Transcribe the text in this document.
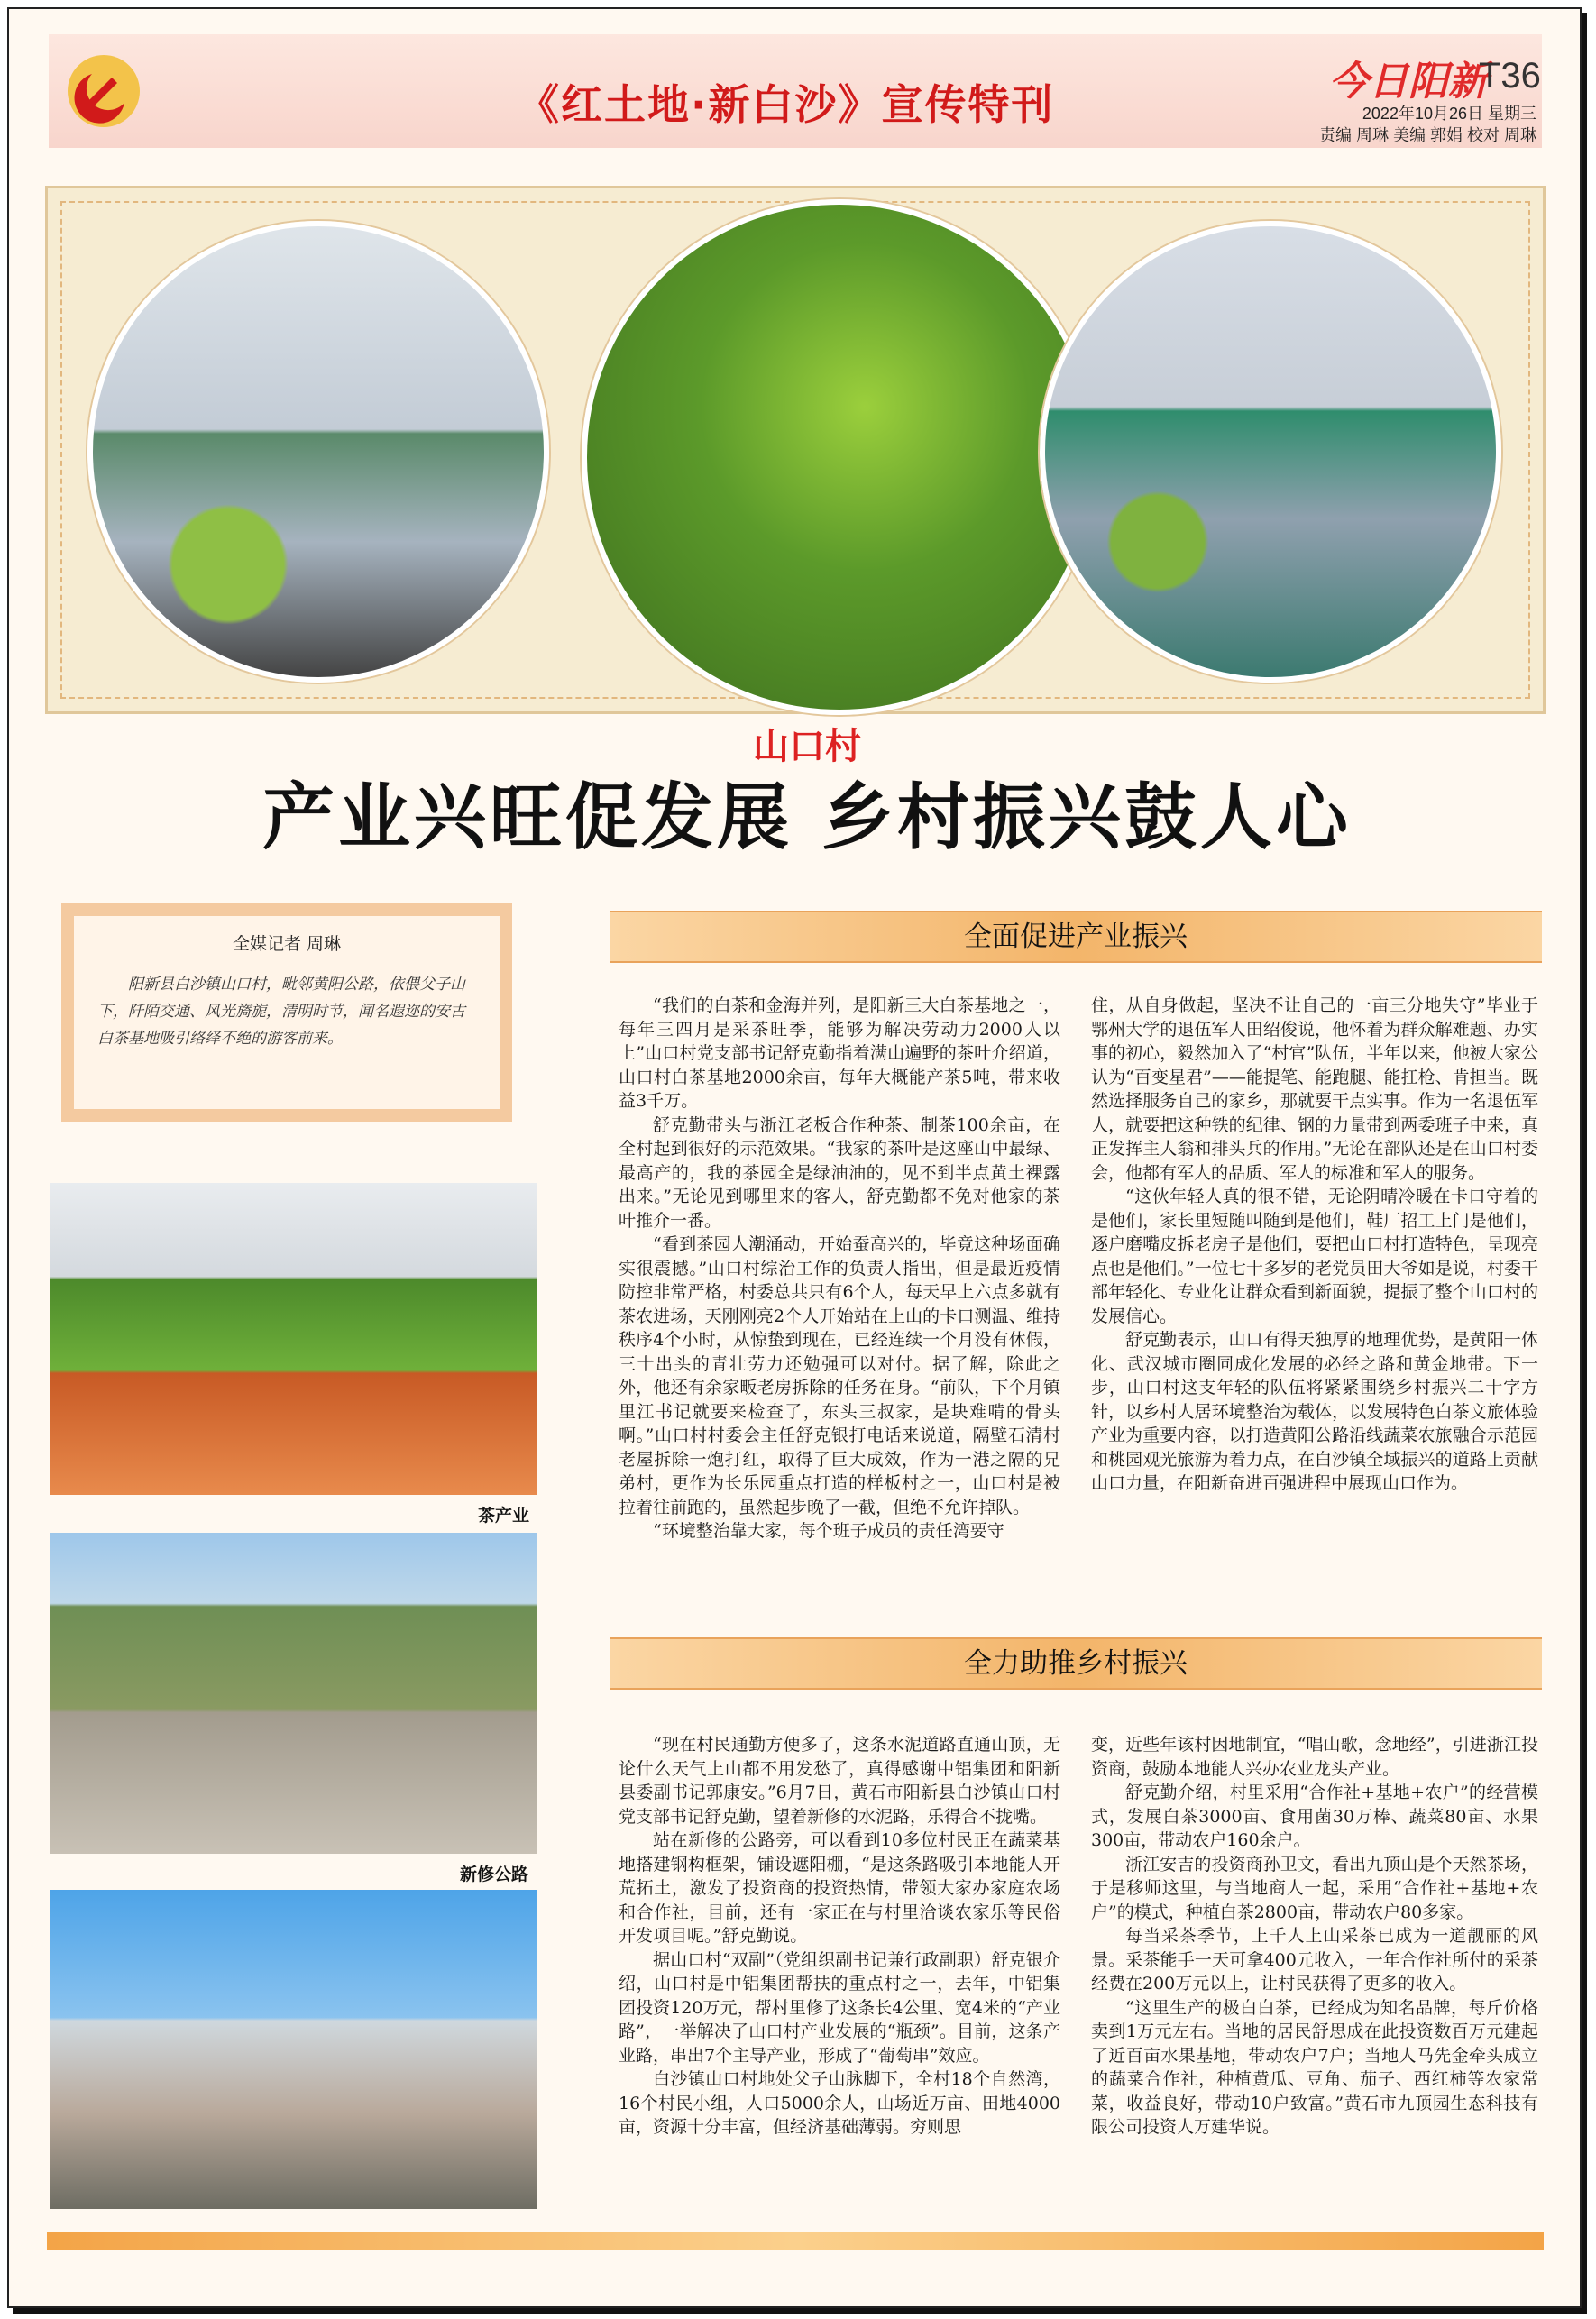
《红土地·新白沙》宣传特刊	今日阳新
T36
2022年10月26日 星期三
责编 周琳 美编 郭娟 校对 周琳
山口村
产业兴旺促发展 乡村振兴鼓人心
全媒记者 周琳
阳新县白沙镇山口村，毗邻黄阳公路，依偎父子山下，阡陌交通、风光旖旎，清明时节，闻名遐迩的安古白茶基地吸引络绎不绝的游客前来。
茶产业
新修公路
全面促进产业振兴

“我们的白茶和金海并列，是阳新三大白茶基地之一，每年三四月是采茶旺季，能够为解决劳动力2000人以上”山口村党支部书记舒克勤指着满山遍野的茶叶介绍道，山口村白茶基地2000余亩，每年大概能产茶5吨，带来收益3千万。

舒克勤带头与浙江老板合作种茶、制茶100余亩，在全村起到很好的示范效果。“我家的茶叶是这座山中最绿、最高产的，我的茶园全是绿油油的，见不到半点黄土裸露出来。”无论见到哪里来的客人，舒克勤都不免对他家的茶叶推介一番。

“看到茶园人潮涌动，开始蚕高兴的，毕竟这种场面确实很震撼。”山口村综治工作的负责人指出，但是最近疫情防控非常严格，村委总共只有6个人，每天早上六点多就有茶农进场，天刚刚亮2个人开始站在上山的卡口测温、维持秩序4个小时，从惊蛰到现在，已经连续一个月没有休假，三十出头的青壮劳力还勉强可以对付。据了解，除此之外，他还有余家畈老房拆除的任务在身。“前队，下个月镇里江书记就要来检查了，东头三叔家，是块难啃的骨头啊。”山口村村委会主任舒克银打电话来说道，隔壁石清村老屋拆除一炮打红，取得了巨大成效，作为一港之隔的兄弟村，更作为长乐园重点打造的样板村之一，山口村是被拉着往前跑的，虽然起步晚了一截，但绝不允许掉队。

“环境整治靠大家，每个班子成员的责任湾要守

住，从自身做起，坚决不让自己的一亩三分地失守”毕业于鄂州大学的退伍军人田绍俊说，他怀着为群众解难题、办实事的初心，毅然加入了“村官”队伍，半年以来，他被大家公认为“百变星君”——能提笔、能跑腿、能扛枪、肯担当。既然选择服务自己的家乡，那就要干点实事。作为一名退伍军人，就要把这种铁的纪律、钢的力量带到两委班子中来，真正发挥主人翁和排头兵的作用。”无论在部队还是在山口村委会，他都有军人的品质、军人的标准和军人的服务。

“这伙年轻人真的很不错，无论阴晴冷暖在卡口守着的是他们，家长里短随叫随到是他们，鞋厂招工上门是他们，逐户磨嘴皮拆老房子是他们，要把山口村打造特色，呈现亮点也是他们。”一位七十多岁的老党员田大爷如是说，村委干部年轻化、专业化让群众看到新面貌，提振了整个山口村的发展信心。

舒克勤表示，山口有得天独厚的地理优势，是黄阳一体化、武汉城市圈同成化发展的必经之路和黄金地带。下一步，山口村这支年轻的队伍将紧紧围绕乡村振兴二十字方针，以乡村人居环境整治为载体，以发展特色白茶文旅体验产业为重要内容，以打造黄阳公路沿线蔬菜农旅融合示范园和桃园观光旅游为着力点，在白沙镇全域振兴的道路上贡献山口力量，在阳新奋进百强进程中展现山口作为。

全力助推乡村振兴

“现在村民通勤方便多了，这条水泥道路直通山顶，无论什么天气上山都不用发愁了，真得感谢中铝集团和阳新县委副书记郭康安。”6月7日，黄石市阳新县白沙镇山口村党支部书记舒克勤，望着新修的水泥路，乐得合不拢嘴。

站在新修的公路旁，可以看到10多位村民正在蔬菜基地搭建钢构框架，铺设遮阳棚，“是这条路吸引本地能人开荒拓土，激发了投资商的投资热情，带领大家办家庭农场和合作社，目前，还有一家正在与村里洽谈农家乐等民俗开发项目呢。”舒克勤说。

据山口村“双副”（党组织副书记兼行政副职）舒克银介绍，山口村是中铝集团帮扶的重点村之一，去年，中铝集团投资120万元，帮村里修了这条长4公里、宽4米的“产业路”，一举解决了山口村产业发展的“瓶颈”。目前，这条产业路，串出7个主导产业，形成了“葡萄串”效应。

白沙镇山口村地处父子山脉脚下，全村18个自然湾，16个村民小组，人口5000余人，山场近万亩、田地4000亩，资源十分丰富，但经济基础薄弱。穷则思

变，近些年该村因地制宜，“唱山歌，念地经”，引进浙江投资商，鼓励本地能人兴办农业龙头产业。

舒克勤介绍，村里采用“合作社+基地+农户”的经营模式，发展白茶3000亩、食用菌30万棒、蔬菜80亩、水果300亩，带动农户160余户。

浙江安吉的投资商孙卫文，看出九顶山是个天然茶场，于是移师这里，与当地商人一起，采用“合作社+基地+农户”的模式，种植白茶2800亩，带动农户80多家。

每当采茶季节，上千人上山采茶已成为一道靓丽的风景。采茶能手一天可拿400元收入，一年合作社所付的采茶经费在200万元以上，让村民获得了更多的收入。

“这里生产的极白白茶，已经成为知名品牌，每斤价格卖到1万元左右。当地的居民舒思成在此投资数百万元建起了近百亩水果基地，带动农户7户；当地人马先金牵头成立的蔬菜合作社，种植黄瓜、豆角、茄子、西红柿等农家常菜，收益良好，带动10户致富。”黄石市九顶园生态科技有限公司投资人万建华说。
